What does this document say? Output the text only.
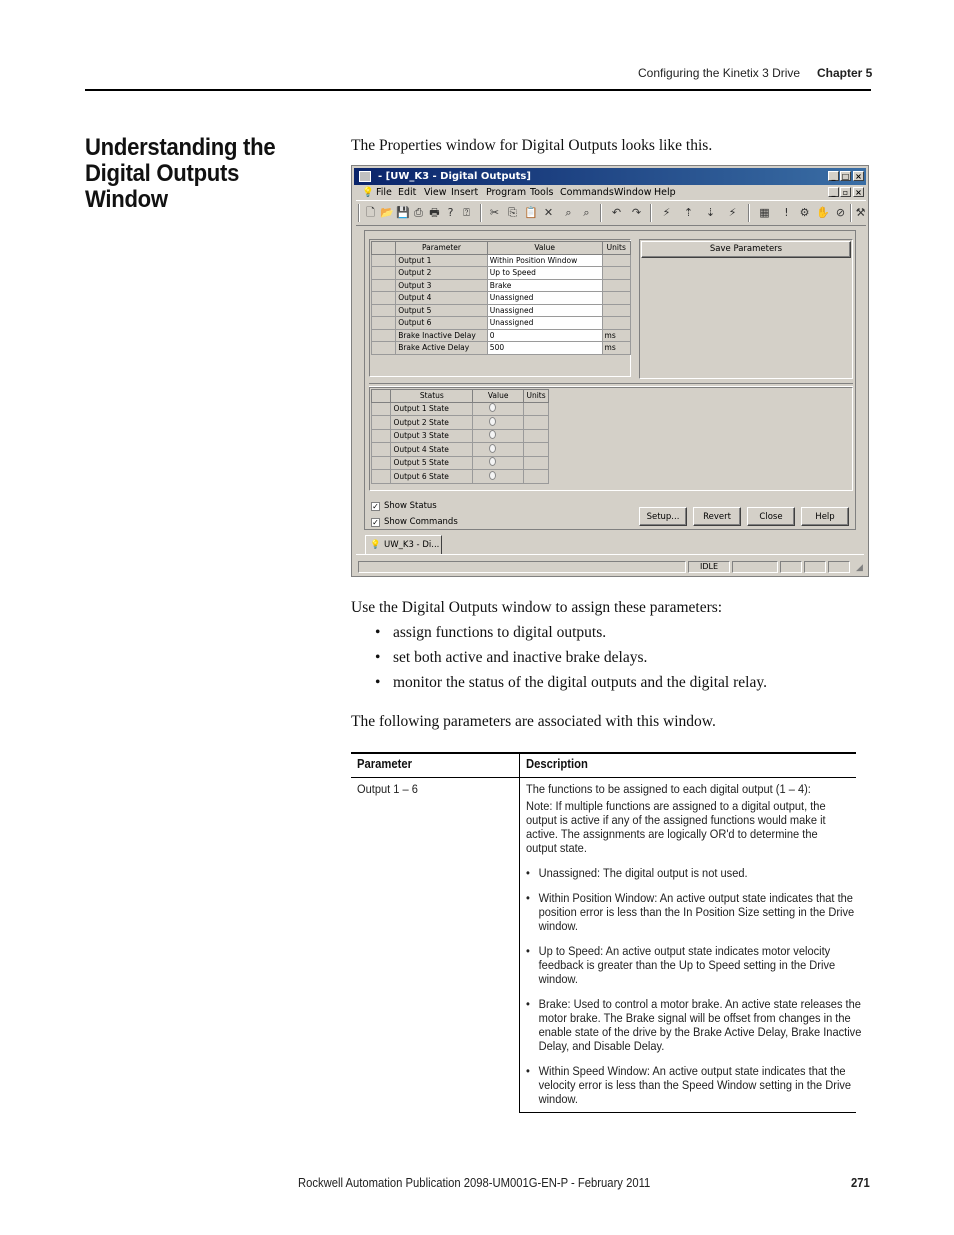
Configuring the Kinetix 3 Drive Chapter 5
Understanding the Digital Outputs Window
The Properties window for Digital Outputs looks like this.
- [UW_K3 - Digital Outputs]	_ □ ×
💡 File Edit View Insert Program Tools Commands Window Help	_ ▫ ×
🗋 📂 💾 ⎙ 🖶 ? ⍰ ✂ ⎘ 📋 ✕	⌕	⌕	↶ ↷ ⚡ ⇡ ⇣ ⚡ ▦	! ⚙ ✋ ⊘ ⚒
	Parameter	Value	Units
	Output 1	Within Position Window	
	Output 2	Up to Speed	
	Output 3	Brake	
	Output 4	Unassigned	
	Output 5	Unassigned	
	Output 6	Unassigned	
	Brake Inactive Delay	0	ms
	Brake Active Delay	500	ms
Save Parameters
	Status	Value	Units
	Output 1 State		
	Output 2 State		
	Output 3 State		
	Output 4 State		
	Output 5 State		
	Output 6 State		
✓ Show Status
✓ Show Commands	Setup...	Revert	Close	Help
💡 UW_K3 - Di...
IDLE	◢
Use the Digital Outputs window to assign these parameters:
• assign functions to digital outputs.
• set both active and inactive brake delays.
• monitor the status of the digital outputs and the digital relay.
The following parameters are associated with this window.
Parameter	Description
Output 1 – 6	The functions to be assigned to each digital output (1 – 4):
Note: If multiple functions are assigned to a digital output, the output is active if any of the assigned functions would make it active. The assignments are logically OR'd to determine the output state.
• Unassigned: The digital output is not used.
• Within Position Window: An active output state indicates that the position error is less than the In Position Size setting in the Drive window.
• Up to Speed: An active output state indicates motor velocity feedback is greater than the Up to Speed setting in the Drive window.
• Brake: Used to control a motor brake. An active state releases the motor brake. The Brake signal will be offset from changes in the enable state of the drive by the Brake Active Delay, Brake Inactive Delay, and Disable Delay.
• Within Speed Window: An active output state indicates that the velocity error is less than the Speed Window setting in the Drive window.
Rockwell Automation Publication 2098-UM001G-EN-P - February 2011	271
